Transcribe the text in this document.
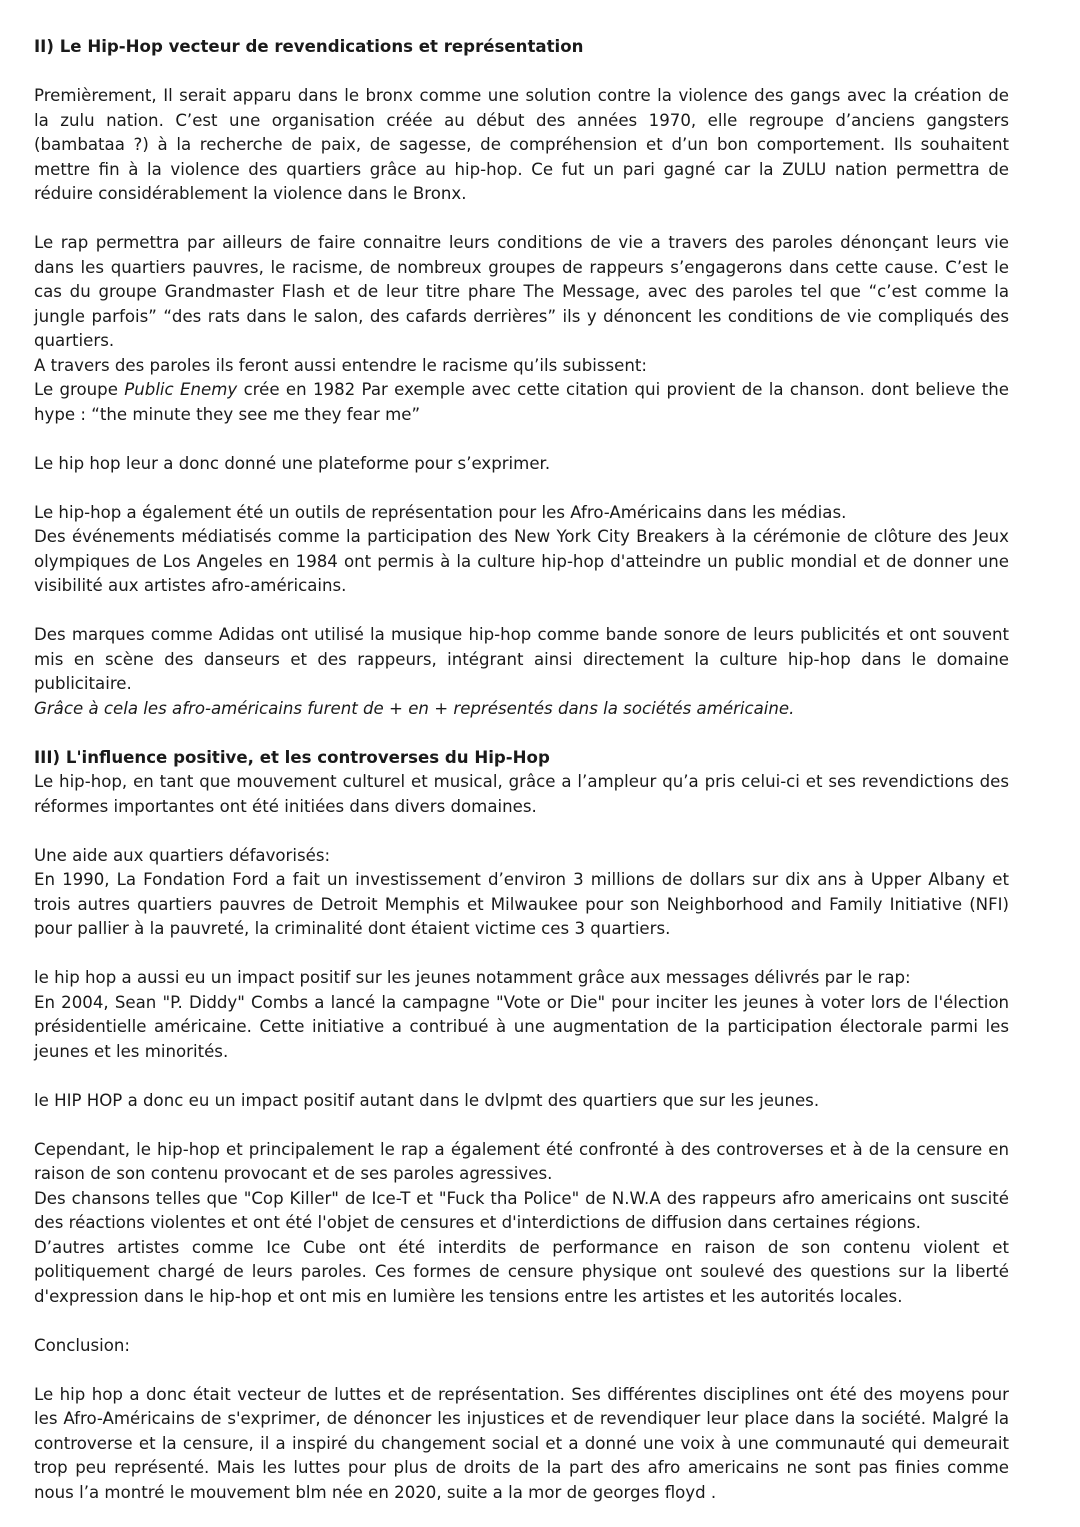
II) Le Hip-Hop vecteur de revendications et représentation
Premièrement, Il serait apparu dans le bronx comme une solution contre la violence des gangs avec la création de
la zulu nation. C’est une organisation créée au début des années 1970, elle regroupe d’anciens gangsters
(bambataa ?) à la recherche de paix, de sagesse, de compréhension et d’un bon comportement. Ils souhaitent
mettre fin à la violence des quartiers grâce au hip-hop. Ce fut un pari gagné car la ZULU nation permettra de
réduire considérablement la violence dans le Bronx.
Le rap permettra par ailleurs de faire connaitre leurs conditions de vie a travers des paroles dénonçant leurs vie
dans les quartiers pauvres, le racisme, de nombreux groupes de rappeurs s’engagerons dans cette cause. C’est le
cas du groupe Grandmaster Flash et de leur titre phare The Message, avec des paroles tel que “c’est comme la
jungle parfois” “des rats dans le salon, des cafards derrières” ils y dénoncent les conditions de vie compliqués des
quartiers.
A travers des paroles ils feront aussi entendre le racisme qu’ils subissent:
Le groupe Public Enemy crée en 1982 Par exemple avec cette citation qui provient de la chanson. dont believe the
hype : “the minute they see me they fear me”
Le hip hop leur a donc donné une plateforme pour s’exprimer.
Le hip-hop a également été un outils de représentation pour les Afro-Américains dans les médias.
Des événements médiatisés comme la participation des New York City Breakers à la cérémonie de clôture des Jeux
olympiques de Los Angeles en 1984 ont permis à la culture hip-hop d'atteindre un public mondial et de donner une
visibilité aux artistes afro-américains.
Des marques comme Adidas ont utilisé la musique hip-hop comme bande sonore de leurs publicités et ont souvent
mis en scène des danseurs et des rappeurs, intégrant ainsi directement la culture hip-hop dans le domaine
publicitaire.
Grâce à cela les afro-américains furent de + en + représentés dans la sociétés américaine.
III) L'influence positive, et les controverses du Hip-Hop
Le hip-hop, en tant que mouvement culturel et musical, grâce a l’ampleur qu’a pris celui-ci et ses revendictions des
réformes importantes ont été initiées dans divers domaines.
Une aide aux quartiers défavorisés:
En 1990, La Fondation Ford a fait un investissement d’environ 3 millions de dollars sur dix ans à Upper Albany et
trois autres quartiers pauvres de Detroit Memphis et Milwaukee pour son Neighborhood and Family Initiative (NFI)
pour pallier à la pauvreté, la criminalité dont étaient victime ces 3 quartiers.
le hip hop a aussi eu un impact positif sur les jeunes notamment grâce aux messages délivrés par le rap:
En 2004, Sean "P. Diddy" Combs a lancé la campagne "Vote or Die" pour inciter les jeunes à voter lors de l'élection
présidentielle américaine. Cette initiative a contribué à une augmentation de la participation électorale parmi les
jeunes et les minorités.
le HIP HOP a donc eu un impact positif autant dans le dvlpmt des quartiers que sur les jeunes.
Cependant, le hip-hop et principalement le rap a également été confronté à des controverses et à de la censure en
raison de son contenu provocant et de ses paroles agressives.
Des chansons telles que "Cop Killer" de Ice-T et "Fuck tha Police" de N.W.A des rappeurs afro americains ont suscité
des réactions violentes et ont été l'objet de censures et d'interdictions de diffusion dans certaines régions.
D’autres artistes comme Ice Cube ont été interdits de performance en raison de son contenu violent et
politiquement chargé de leurs paroles. Ces formes de censure physique ont soulevé des questions sur la liberté
d'expression dans le hip-hop et ont mis en lumière les tensions entre les artistes et les autorités locales.
Conclusion:
Le hip hop a donc était vecteur de luttes et de représentation. Ses différentes disciplines ont été des moyens pour
les Afro-Américains de s'exprimer, de dénoncer les injustices et de revendiquer leur place dans la société. Malgré la
controverse et la censure, il a inspiré du changement social et a donné une voix à une communauté qui demeurait
trop peu représenté. Mais les luttes pour plus de droits de la part des afro americains ne sont pas finies comme
nous l’a montré le mouvement blm née en 2020, suite a la mor de georges floyd .
